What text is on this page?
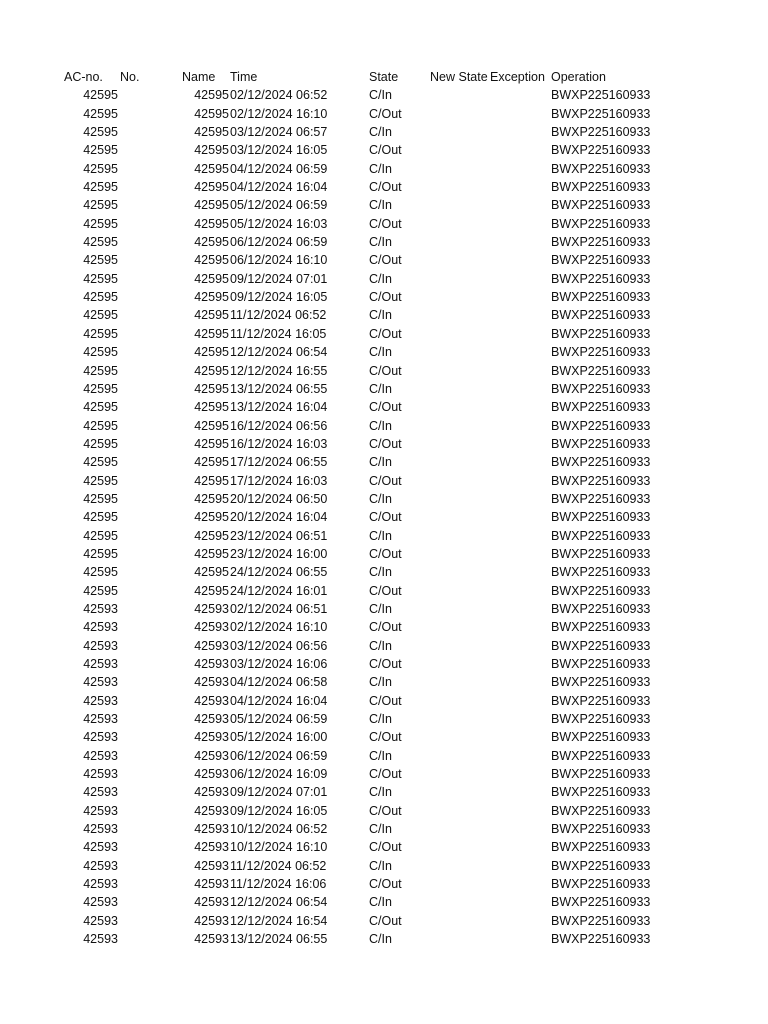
AC-no. No.	Name Time	State	New State Exception Operation
42595	42595 02/12/2024 06:52	C/In	BWXP225160933
42595	42595 02/12/2024 16:10	C/Out	BWXP225160933
42595	42595 03/12/2024 06:57	C/In	BWXP225160933
42595	42595 03/12/2024 16:05	C/Out	BWXP225160933
42595	42595 04/12/2024 06:59	C/In	BWXP225160933
42595	42595 04/12/2024 16:04	C/Out	BWXP225160933
42595	42595 05/12/2024 06:59	C/In	BWXP225160933
42595	42595 05/12/2024 16:03	C/Out	BWXP225160933
42595	42595 06/12/2024 06:59	C/In	BWXP225160933
42595	42595 06/12/2024 16:10	C/Out	BWXP225160933
42595	42595 09/12/2024 07:01	C/In	BWXP225160933
42595	42595 09/12/2024 16:05	C/Out	BWXP225160933
42595	42595 11/12/2024 06:52	C/In	BWXP225160933
42595	42595 11/12/2024 16:05	C/Out	BWXP225160933
42595	42595 12/12/2024 06:54	C/In	BWXP225160933
42595	42595 12/12/2024 16:55	C/Out	BWXP225160933
42595	42595 13/12/2024 06:55	C/In	BWXP225160933
42595	42595 13/12/2024 16:04	C/Out	BWXP225160933
42595	42595 16/12/2024 06:56	C/In	BWXP225160933
42595	42595 16/12/2024 16:03	C/Out	BWXP225160933
42595	42595 17/12/2024 06:55	C/In	BWXP225160933
42595	42595 17/12/2024 16:03	C/Out	BWXP225160933
42595	42595 20/12/2024 06:50	C/In	BWXP225160933
42595	42595 20/12/2024 16:04	C/Out	BWXP225160933
42595	42595 23/12/2024 06:51	C/In	BWXP225160933
42595	42595 23/12/2024 16:00	C/Out	BWXP225160933
42595	42595 24/12/2024 06:55	C/In	BWXP225160933
42595	42595 24/12/2024 16:01	C/Out	BWXP225160933
42593	42593 02/12/2024 06:51	C/In	BWXP225160933
42593	42593 02/12/2024 16:10	C/Out	BWXP225160933
42593	42593 03/12/2024 06:56	C/In	BWXP225160933
42593	42593 03/12/2024 16:06	C/Out	BWXP225160933
42593	42593 04/12/2024 06:58	C/In	BWXP225160933
42593	42593 04/12/2024 16:04	C/Out	BWXP225160933
42593	42593 05/12/2024 06:59	C/In	BWXP225160933
42593	42593 05/12/2024 16:00	C/Out	BWXP225160933
42593	42593 06/12/2024 06:59	C/In	BWXP225160933
42593	42593 06/12/2024 16:09	C/Out	BWXP225160933
42593	42593 09/12/2024 07:01	C/In	BWXP225160933
42593	42593 09/12/2024 16:05	C/Out	BWXP225160933
42593	42593 10/12/2024 06:52	C/In	BWXP225160933
42593	42593 10/12/2024 16:10	C/Out	BWXP225160933
42593	42593 11/12/2024 06:52	C/In	BWXP225160933
42593	42593 11/12/2024 16:06	C/Out	BWXP225160933
42593	42593 12/12/2024 06:54	C/In	BWXP225160933
42593	42593 12/12/2024 16:54	C/Out	BWXP225160933
42593	42593 13/12/2024 06:55	C/In	BWXP225160933
